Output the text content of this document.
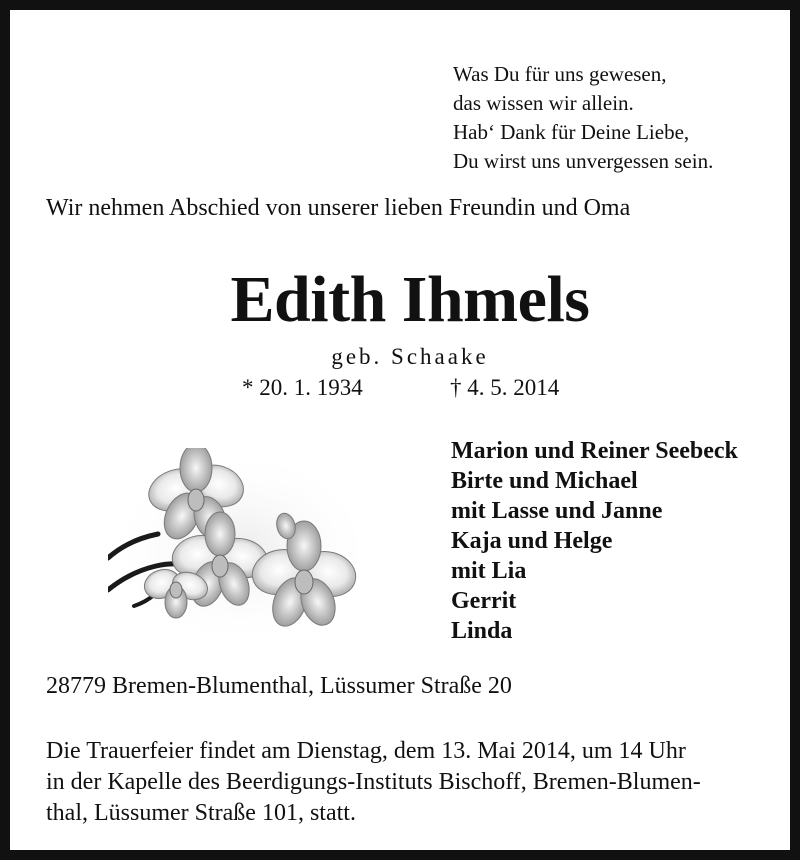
Was Du für uns gewesen,
das wissen wir allein.
Hab‘ Dank für Deine Liebe,
Du wirst uns unvergessen sein.
Wir nehmen Abschied von unserer lieben Freundin und Oma
Edith Ihmels
geb. Schaake
* 20. 1. 1934	† 4. 5. 2014
Marion und Reiner Seebeck
Birte und Michael
mit Lasse und Janne
Kaja und Helge
mit Lia
Gerrit
Linda
28779 Bremen-Blumenthal, Lüssumer Straße 20
Die Trauerfeier findet am Dienstag, dem 13. Mai 2014, um 14 Uhr
in der Kapelle des Beerdigungs-Instituts Bischoff, Bremen-Blumen-
thal, Lüssumer Straße 101, statt.
